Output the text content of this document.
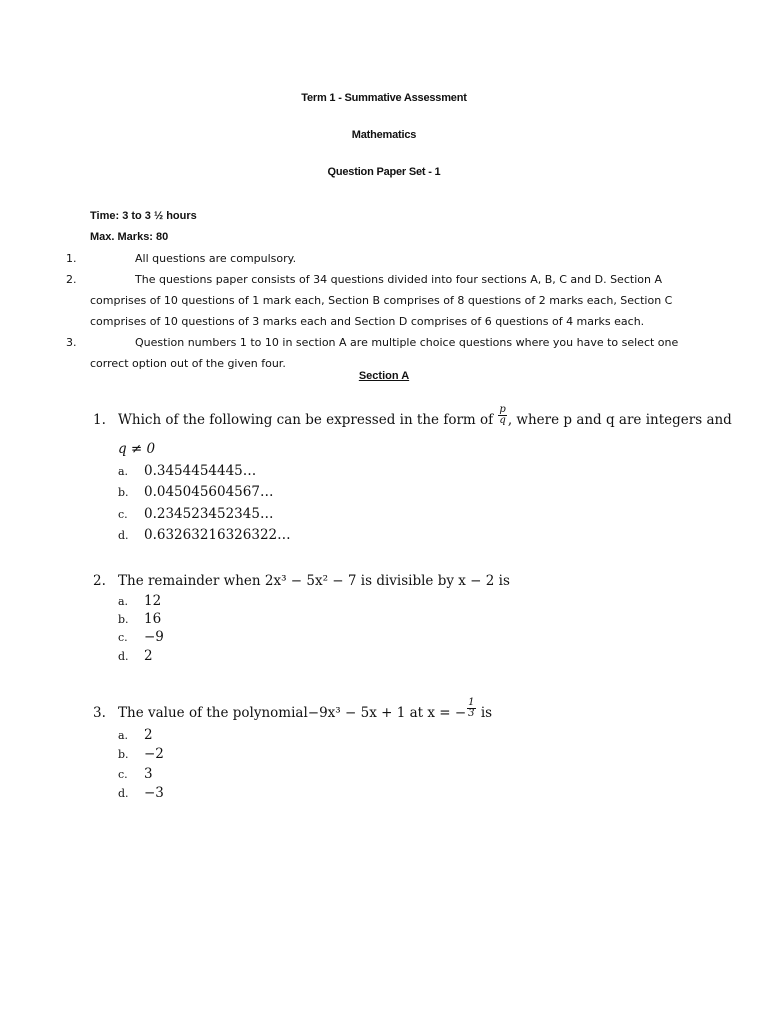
Term 1 - Summative Assessment
Mathematics
Question Paper Set - 1
Time: 3 to 3 ½ hours
Max. Marks: 80
1.	All questions are compulsory.
2.	The questions paper consists of 34 questions divided into four sections A, B, C and D. Section A comprises of 10 questions of 1 mark each, Section B comprises of 8 questions of 2 marks each, Section C comprises of 10 questions of 3 marks each and Section D comprises of 6 questions of 4 marks each.
3.	Question numbers 1 to 10 in section A are multiple choice questions where you have to select one correct option out of the given four.
Section A
1. Which of the following can be expressed in the form of $\frac{p}{q}$ , where p and q are integers and
q ≠ 0
a. 0.3454454445…
b. 0.045045604567…
c. 0.234523452345…
d. 0.63263216326322…
2. The remainder when 2x³ − 5x² − 7 is divisible by x − 2 is
a. 12
b. 16
c. −9
d. 2
3. The value of the polynomial−9x³ − 5x + 1 at x = − $\frac{1}{3}$ is
a. 2
b. −2
c. 3
d. −3
